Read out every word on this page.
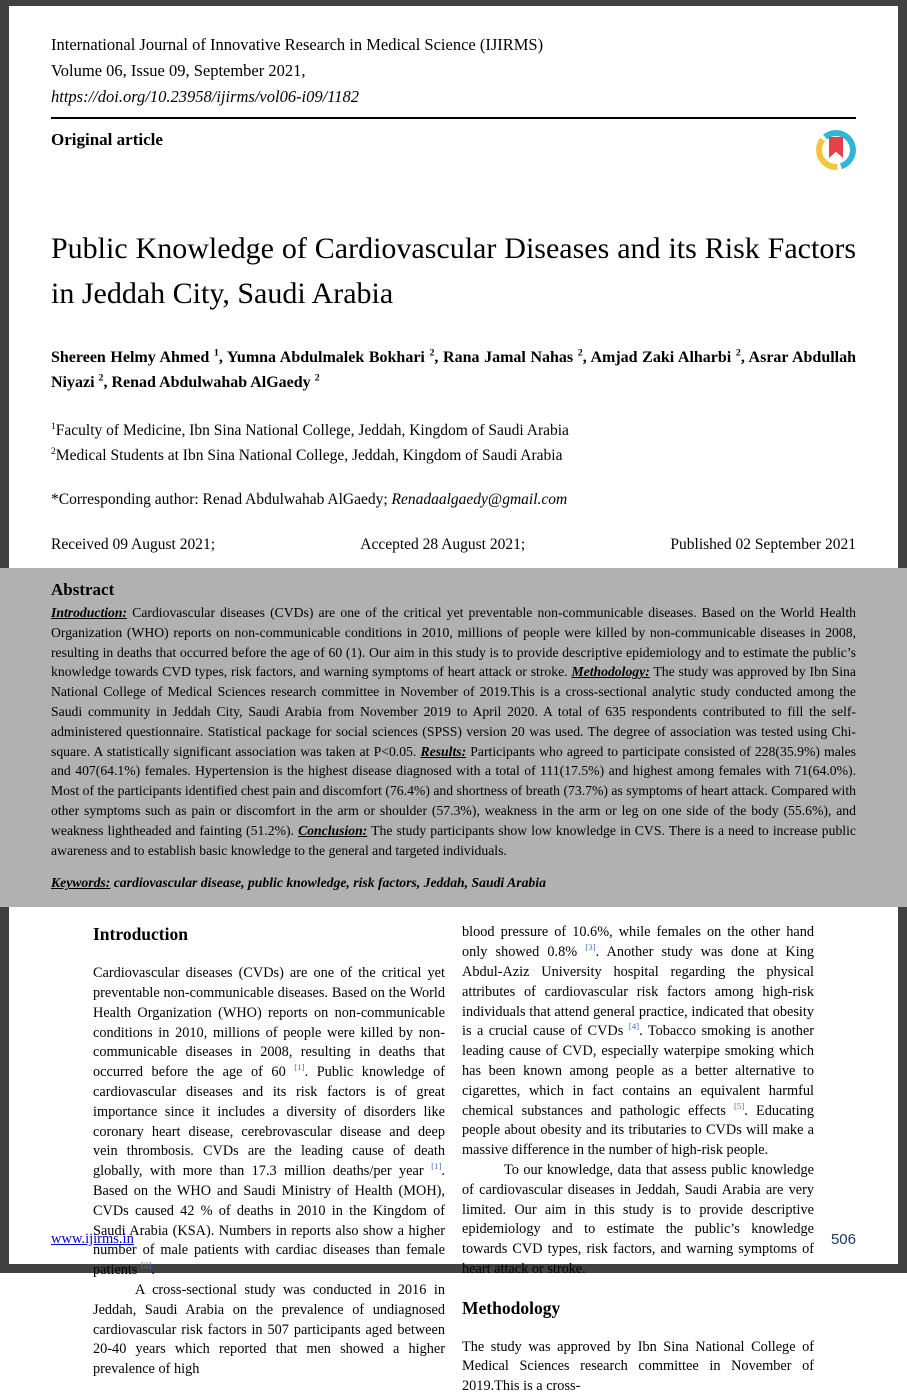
International Journal of Innovative Research in Medical Science (IJIRMS)
Volume 06, Issue 09, September 2021,
https://doi.org/10.23958/ijirms/vol06-i09/1182
Original article
Public Knowledge of Cardiovascular Diseases and its Risk Factors in Jeddah City, Saudi Arabia
Shereen Helmy Ahmed $^1$, Yumna Abdulmalek Bokhari $^2$, Rana Jamal Nahas $^2$, Amjad Zaki Alharbi $^2$, Asrar Abdullah Niyazi $^2$, Renad Abdulwahab AlGaedy $^2$
$^1$Faculty of Medicine, Ibn Sina National College, Jeddah, Kingdom of Saudi Arabia
$^2$Medical Students at Ibn Sina National College, Jeddah, Kingdom of Saudi Arabia
*Corresponding author: Renad Abdulwahab AlGaedy; Renadaalgaedy@gmail.com
Received 09 August 2021;	Accepted 28 August 2021;	Published 02 September 2021
Abstract
Introduction: Cardiovascular diseases (CVDs) are one of the critical yet preventable non-communicable diseases. Based on the World Health Organization (WHO) reports on non-communicable conditions in 2010, millions of people were killed by non-communicable diseases in 2008, resulting in deaths that occurred before the age of 60 (1). Our aim in this study is to provide descriptive epidemiology and to estimate the public’s knowledge towards CVD types, risk factors, and warning symptoms of heart attack or stroke. Methodology: The study was approved by Ibn Sina National College of Medical Sciences research committee in November of 2019.This is a cross-sectional analytic study conducted among the Saudi community in Jeddah City, Saudi Arabia from November 2019 to April 2020. A total of 635 respondents contributed to fill the self-administered questionnaire. Statistical package for social sciences (SPSS) version 20 was used. The degree of association was tested using Chi-square. A statistically significant association was taken at P<0.05. Results: Participants who agreed to participate consisted of 228(35.9%) males and 407(64.1%) females. Hypertension is the highest disease diagnosed with a total of 111(17.5%) and highest among females with 71(64.0%). Most of the participants identified chest pain and discomfort (76.4%) and shortness of breath (73.7%) as symptoms of heart attack. Compared with other symptoms such as pain or discomfort in the arm or shoulder (57.3%), weakness in the arm or leg on one side of the body (55.6%), and weakness lightheaded and fainting (51.2%). Conclusion: The study participants show low knowledge in CVS. There is a need to increase public awareness and to establish basic knowledge to the general and targeted individuals.
Keywords: cardiovascular disease, public knowledge, risk factors, Jeddah, Saudi Arabia
Introduction

Cardiovascular diseases (CVDs) are one of the critical yet preventable non-communicable diseases. Based on the World Health Organization (WHO) reports on non-communicable conditions in 2010, millions of people were killed by non-communicable diseases in 2008, resulting in deaths that occurred before the age of 60 [1]. Public knowledge of cardiovascular diseases and its risk factors is of great importance since it includes a diversity of disorders like coronary heart disease, cerebrovascular disease and deep vein thrombosis. CVDs are the leading cause of death globally, with more than 17.3 million deaths/per year [1]. Based on the WHO and Saudi Ministry of Health (MOH), CVDs caused 42 % of deaths in 2010 in the Kingdom of Saudi Arabia (KSA). Numbers in reports also show a higher number of male patients with cardiac diseases than female patients [2].

A cross-sectional study was conducted in 2016 in Jeddah, Saudi Arabia on the prevalence of undiagnosed cardiovascular risk factors in 507 participants aged between 20-40 years which reported that men showed a higher prevalence of high

blood pressure of 10.6%, while females on the other hand only showed 0.8% [3]. Another study was done at King Abdul-Aziz University hospital regarding the physical attributes of cardiovascular risk factors among high-risk individuals that attend general practice, indicated that obesity is a crucial cause of CVDs [4]. Tobacco smoking is another leading cause of CVD, especially waterpipe smoking which has been known among people as a better alternative to cigarettes, which in fact contains an equivalent harmful chemical substances and pathologic effects [5]. Educating people about obesity and its tributaries to CVDs will make a massive difference in the number of high-risk people.

To our knowledge, data that assess public knowledge of cardiovascular diseases in Jeddah, Saudi Arabia are very limited. Our aim in this study is to provide descriptive epidemiology and to estimate the public’s knowledge towards CVD types, risk factors, and warning symptoms of heart attack or stroke.

Methodology

The study was approved by Ibn Sina National College of Medical Sciences research committee in November of 2019.This is a cross-

www.ijirms.in	506
